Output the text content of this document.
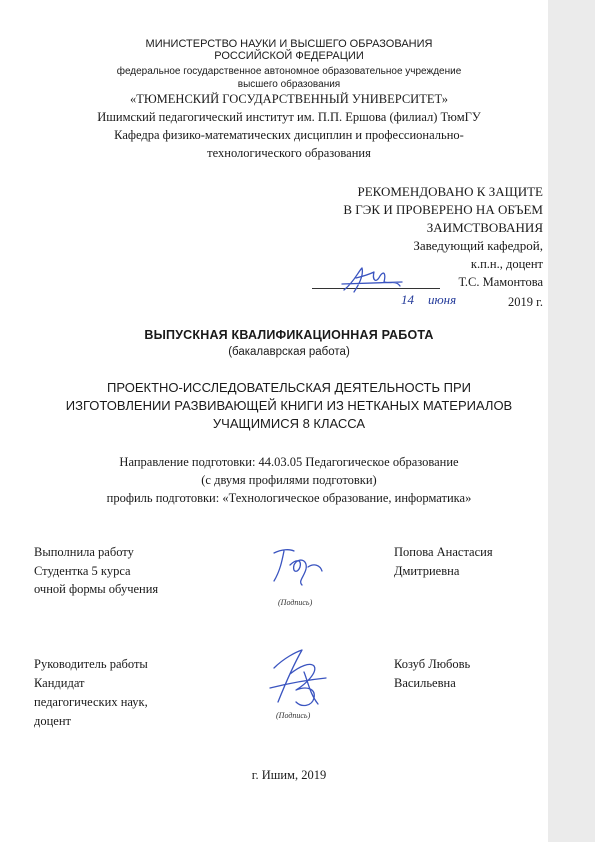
МИНИСТЕРСТВО НАУКИ И ВЫСШЕГО ОБРАЗОВАНИЯ
РОССИЙСКОЙ ФЕДЕРАЦИИ
федеральное государственное автономное образовательное учреждение
высшего образования
«ТЮМЕНСКИЙ ГОСУДАРСТВЕННЫЙ УНИВЕРСИТЕТ»
Ишимский педагогический институт им. П.П. Ершова (филиал) ТюмГУ
Кафедра физико-математических дисциплин и профессионально-
технологического образования
РЕКОМЕНДОВАНО К ЗАЩИТЕ
В ГЭК И ПРОВЕРЕНО НА ОБЪЕМ
ЗАИМСТВОВАНИЯ
Заведующий кафедрой,
к.п.н., доцент
Т.С. Мамонтова
14 июня	2019 г.
ВЫПУСКНАЯ КВАЛИФИКАЦИОННАЯ РАБОТА
(бакалаврская работа)
ПРОЕКТНО-ИССЛЕДОВАТЕЛЬСКАЯ ДЕЯТЕЛЬНОСТЬ ПРИ
ИЗГОТОВЛЕНИИ РАЗВИВАЮЩЕЙ КНИГИ ИЗ НЕТКАНЫХ МАТЕРИАЛОВ
УЧАЩИМИСЯ 8 КЛАССА
Направление подготовки: 44.03.05 Педагогическое образование
(с двумя профилями подготовки)
профиль подготовки: «Технологическое образование, информатика»
Выполнила работу
Студентка 5 курса
очной формы обучения
(Подпись)
Попова Анастасия
Дмитриевна
Руководитель работы
Кандидат
педагогических наук,
доцент	(Подпись)
Козуб Любовь
Васильевна
г. Ишим, 2019
